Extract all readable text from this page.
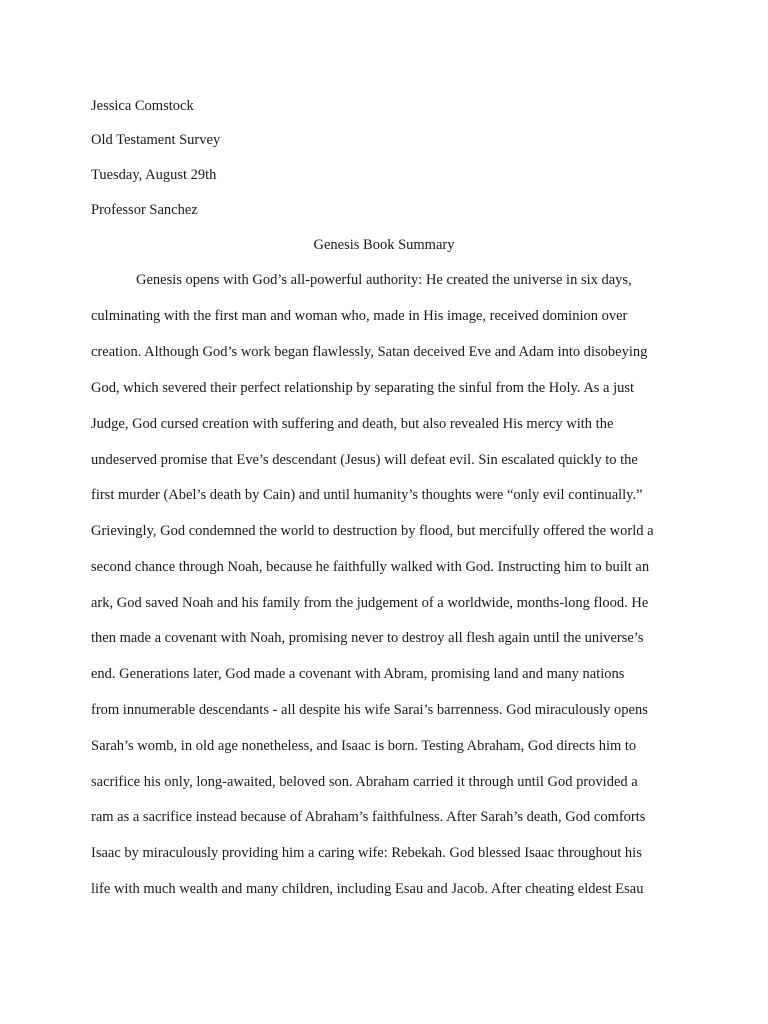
Jessica Comstock
Old Testament Survey
Tuesday, August 29th
Professor Sanchez
Genesis Book Summary
Genesis opens with God’s all-powerful authority: He created the universe in six days,
culminating with the first man and woman who, made in His image, received dominion over
creation. Although God’s work began flawlessly, Satan deceived Eve and Adam into disobeying
God, which severed their perfect relationship by separating the sinful from the Holy. As a just
Judge, God cursed creation with suffering and death, but also revealed His mercy with the
undeserved promise that Eve’s descendant (Jesus) will defeat evil. Sin escalated quickly to the
first murder (Abel’s death by Cain) and until humanity’s thoughts were “only evil continually.”
Grievingly, God condemned the world to destruction by flood, but mercifully offered the world a
second chance through Noah, because he faithfully walked with God. Instructing him to built an
ark, God saved Noah and his family from the judgement of a worldwide, months-long flood. He
then made a covenant with Noah, promising never to destroy all flesh again until the universe’s
end. Generations later, God made a covenant with Abram, promising land and many nations
from innumerable descendants - all despite his wife Sarai’s barrenness. God miraculously opens
Sarah’s womb, in old age nonetheless, and Isaac is born. Testing Abraham, God directs him to
sacrifice his only, long-awaited, beloved son. Abraham carried it through until God provided a
ram as a sacrifice instead because of Abraham’s faithfulness. After Sarah’s death, God comforts
Isaac by miraculously providing him a caring wife: Rebekah. God blessed Isaac throughout his
life with much wealth and many children, including Esau and Jacob. After cheating eldest Esau
